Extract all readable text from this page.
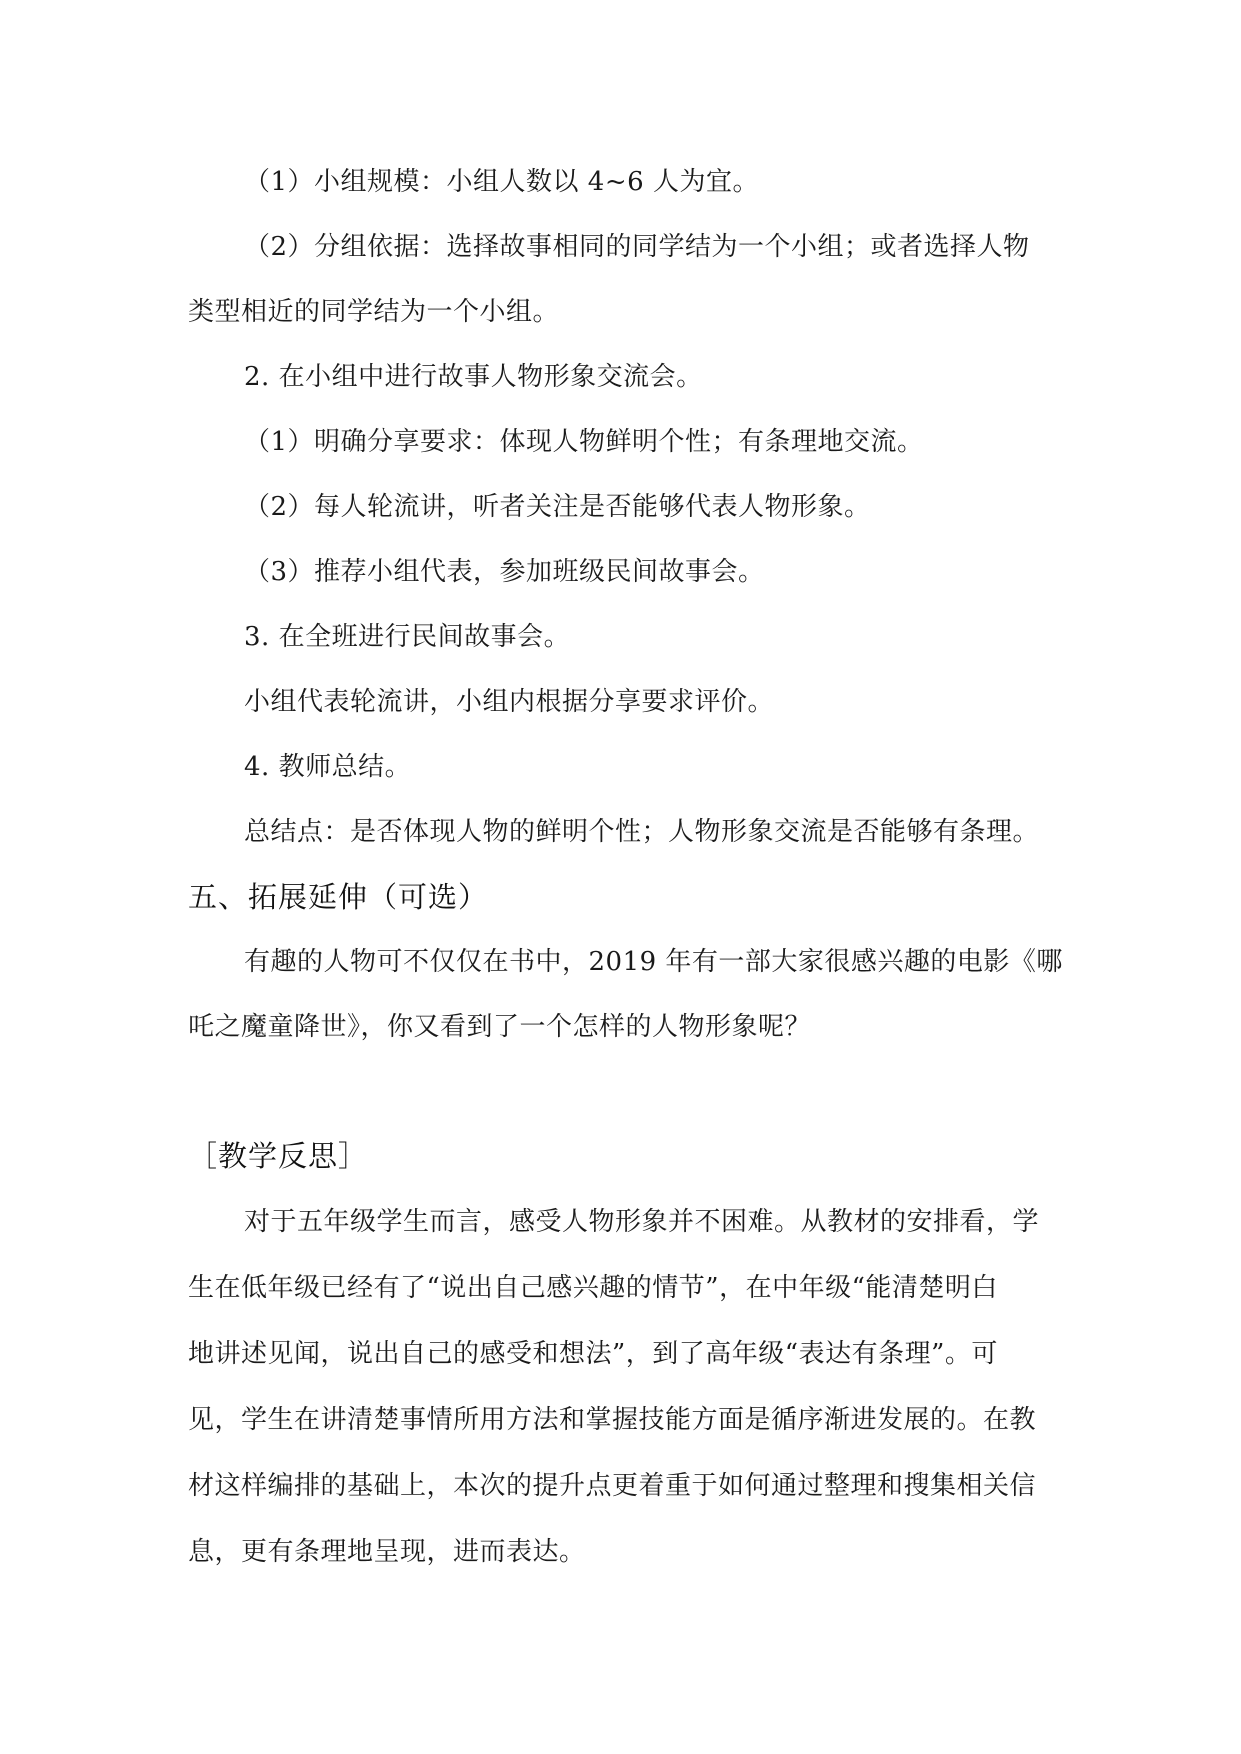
（1）小组规模：小组人数以 4~6 人为宜。
（2）分组依据：选择故事相同的同学结为一个小组；或者选择人物
类型相近的同学结为一个小组。
2. 在小组中进行故事人物形象交流会。
（1）明确分享要求：体现人物鲜明个性；有条理地交流。
（2）每人轮流讲，听者关注是否能够代表人物形象。
（3）推荐小组代表，参加班级民间故事会。
3. 在全班进行民间故事会。
小组代表轮流讲，小组内根据分享要求评价。
4. 教师总结。
总结点：是否体现人物的鲜明个性；人物形象交流是否能够有条理。
五、拓展延伸（可选）
有趣的人物可不仅仅在书中，2019 年有一部大家很感兴趣的电影《哪
吒之魔童降世》，你又看到了一个怎样的人物形象呢？
［教学反思］
对于五年级学生而言，感受人物形象并不困难。从教材的安排看，学
生在低年级已经有了“说出自己感兴趣的情节”，在中年级“能清楚明白
地讲述见闻，说出自己的感受和想法”，到了高年级“表达有条理”。可
见，学生在讲清楚事情所用方法和掌握技能方面是循序渐进发展的。在教
材这样编排的基础上，本次的提升点更着重于如何通过整理和搜集相关信
息，更有条理地呈现，进而表达。
